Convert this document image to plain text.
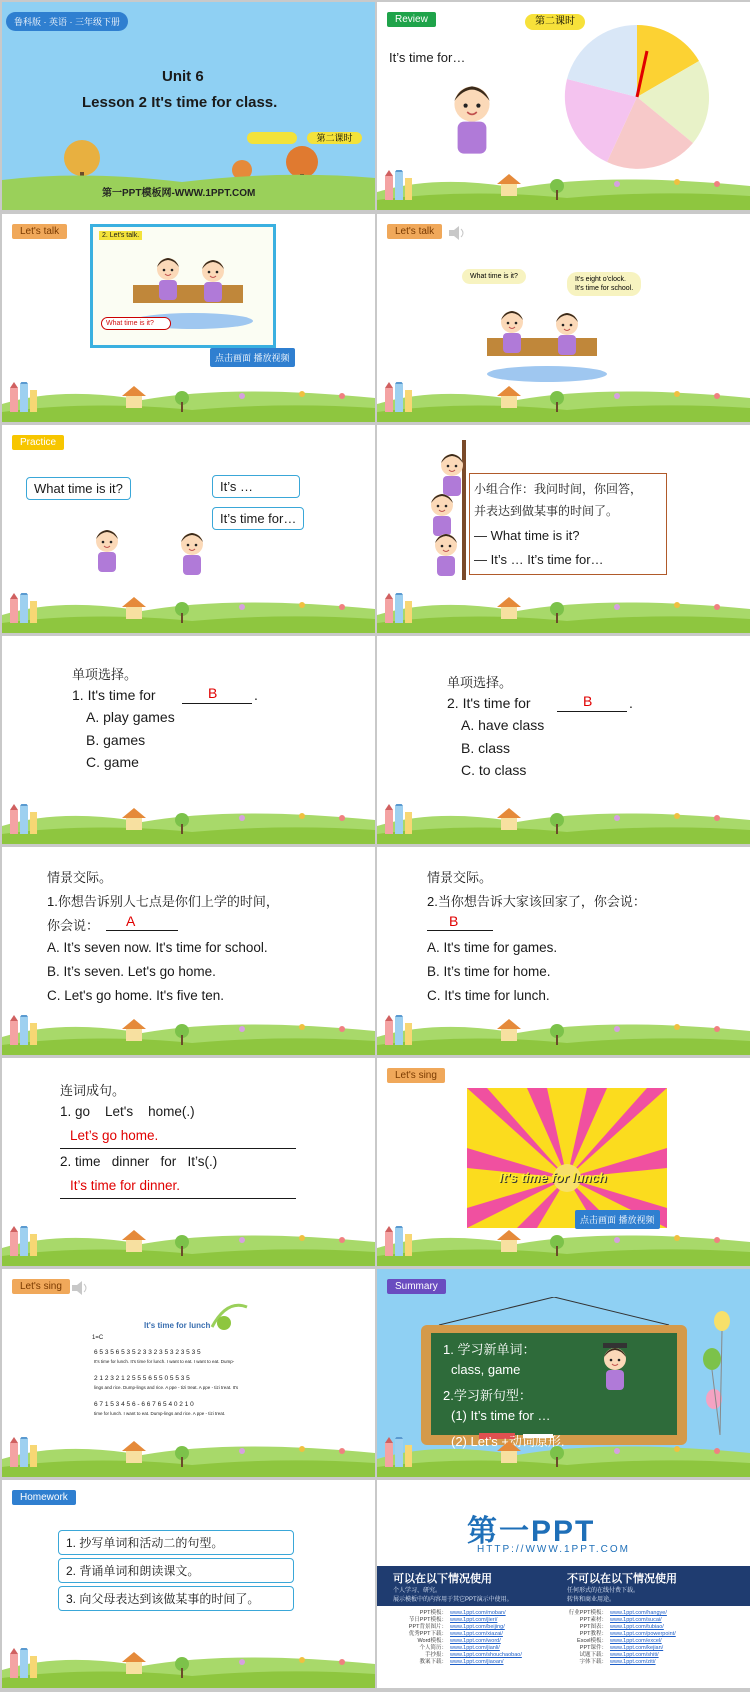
鲁科版 · 英语 · 三年级下册
Unit 6
Lesson 2 It's time for class.
第二课时
第一PPT模板网-WWW.1PPT.COM
Review	第二课时
It’s time for…
Let's talk	2. Let's talk.
What time is it?
点击画面 播放视频
Let's talk
What time is it?	It's eight o'clock.
It's time for school.
Practice
What time is it?	It’s …
It’s time for…
小组合作：我问时间，你回答，
并表达到做某事的时间了。
— What time is it?
— It’s … It’s time for…
单项选择。
1. It's time for	B	.
A. play games
B. games
C. game
单项选择。
2. It's time for	B	.
A. have class
B. class
C. to class
情景交际。
1.你想告诉别人七点是你们上学的时间，
你会说： A
A. It’s seven now. It's time for school.
B. It’s seven. Let's go home.
C. Let's go home. It's five ten.
情景交际。
2.当你想告诉大家该回家了，你会说：
B
A. It's time for games.
B. It’s time for home.
C. It's time for lunch.
连词成句。
1. go    Let's    home(.)
Let’s go home.
2. time   dinner   for   It’s(.)
It’s time for dinner.
Let's sing
It's time for lunch
点击画面 播放视频
Let's sing
It's time for lunch
1=C
6 5 3 5 6 5 3 5 2 3 3 2 3 5 3 2 3 5 3 5
It's time for lunch. It's time for lunch. I want to eat. I want to eat. Dump-
2 1 2 3 2 1 2 5 5 5 6 5 5 0 5 5 3 5
lings and rice. Dump-lings and rice. A ppe - tizi treat. A ppe - tizi treat. It's
6 7 1 5 3 4 5 6 - 6 6 7 6 5 4 0 2 1 0
time for lunch. I want to eat. Dump-lings and rice. A ppe - tizi treat.
Summary
1. 学习新单词：
class, game
2.学习新句型：
(1) It’s time for …
(2) Let’s +动词原形.
Homework
1. 抄写单词和活动二的句型。
2. 背诵单词和朗读课文。
3. 向父母表达到该做某事的时间了。
第一PPT
HTTP://WWW.1PPT.COM
可以在以下情况使用
个人学习、研究。
展示模板中的内容用于其它PPT演示中使用。
不可以在以下情况使用
任何形式的在线付费下载。
转售和商业用途。
PPT模板： www.1ppt.com/moban/
节日PPT模板： www.1ppt.com/jieri/
PPT背景图片： www.1ppt.com/beijing/
优秀PPT下载： www.1ppt.com/xiazai/
Word模板： www.1ppt.com/word/
个人简历： www.1ppt.com/jianli/
手抄报： www.1ppt.com/shouchaobao/
教案下载： www.1ppt.com/jiaoan/
行业PPT模板： www.1ppt.com/hangye/
PPT素材： www.1ppt.com/sucai/
PPT图表： www.1ppt.com/tubiao/
PPT教程： www.1ppt.com/powerpoint/
Excel模板： www.1ppt.com/excel/
PPT课件： www.1ppt.com/kejian/
试题下载： www.1ppt.com/shiti/
字体下载： www.1ppt.com/ziti/
